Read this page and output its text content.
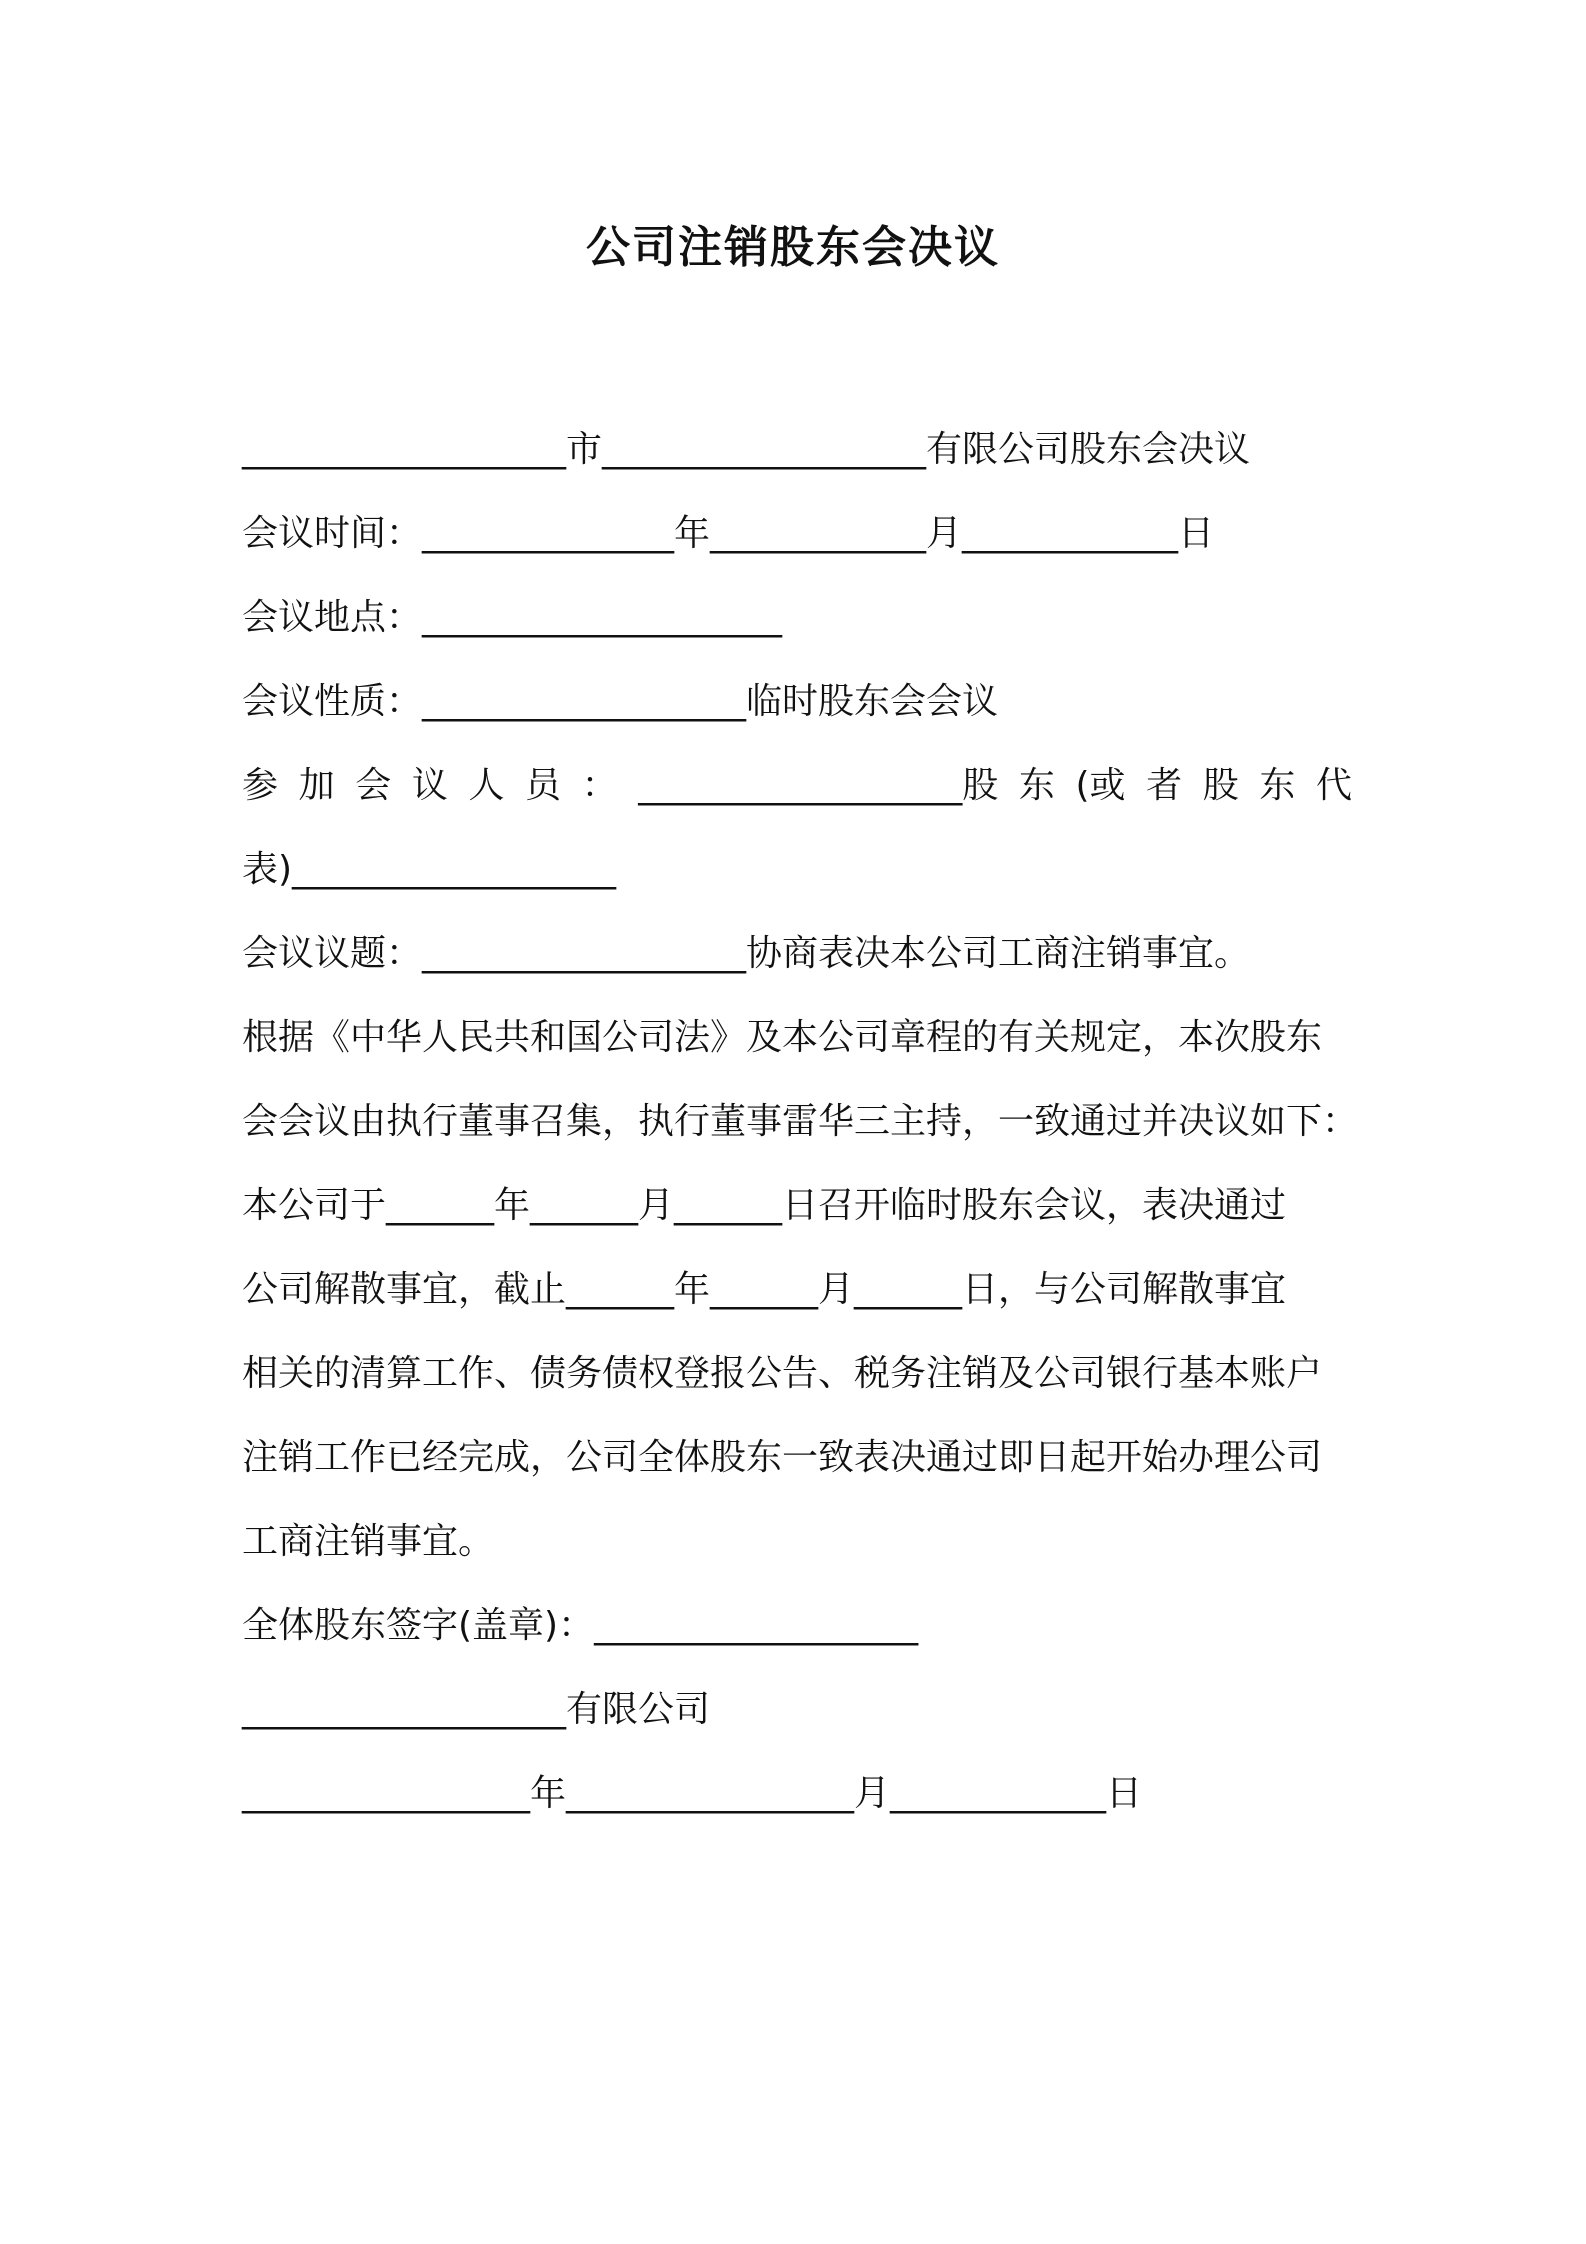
公司注销股东会决议
__________________市__________________有限公司股东会决议
会议时间：______________年____________月____________日
会议地点：____________________
会议性质：__________________临时股东会会议
参 加 会 议 人 员 ： __________________股 东 (或 者 股 东 代
表)__________________
会议议题：__________________协商表决本公司工商注销事宜。
根据《中华人民共和国公司法》及本公司章程的有关规定，本次股东
会会议由执行董事召集，执行董事雷华三主持，一致通过并决议如下：
本公司于______年______月______日召开临时股东会议，表决通过
公司解散事宜，截止______年______月______日，与公司解散事宜
相关的清算工作、债务债权登报公告、税务注销及公司银行基本账户
注销工作已经完成，公司全体股东一致表决通过即日起开始办理公司
工商注销事宜。
全体股东签字(盖章)：__________________
__________________有限公司
________________年________________月____________日
